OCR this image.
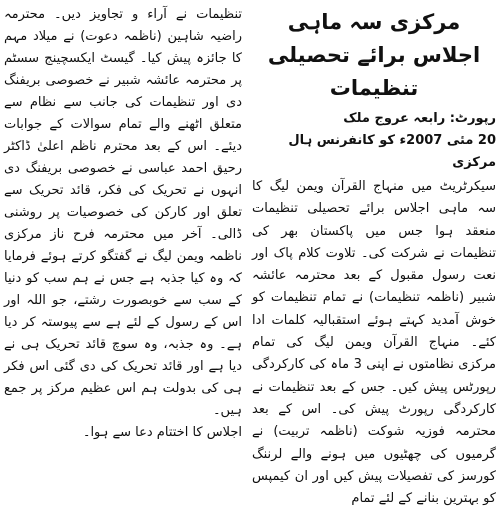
مرکزی سہ ماہی اجلاس برائے تحصیلی تنظیمات

رپورٹ: رابعہ عروج ملک

20 مئی 2007ء کو کانفرنس ہال مرکزی

سیکرٹریٹ میں منہاج القرآن ویمن لیگ کا سہ ماہی اجلاس برائے تحصیلی تنظیمات منعقد ہوا جس میں پاکستان بھر کی تنظیمات نے شرکت کی۔ تلاوت کلام پاک اور نعت رسول مقبول کے بعد محترمہ عائشہ شبیر (ناظمہ تنظیمات) نے تمام تنظیمات کو خوش آمدید کہتے ہوئے استقبالیہ کلمات ادا کئے۔ منہاج القرآن ویمن لیگ کی تمام مرکزی نظامتوں نے اپنی 3 ماہ کی کارکردگی رپورٹس پیش کیں۔ جس کے بعد تنظیمات نے کارکردگی رپورٹ پیش کی۔ اس کے بعد محترمہ فوزیہ شوکت (ناظمہ تربیت) نے گرمیوں کی چھٹیوں میں ہونے والے لرننگ کورسز کی تفصیلات پیش کیں اور ان کیمپس کو بہترین بنانے کے لئے تمام

تنظیمات نے آراء و تجاویز دیں۔ محترمہ راضیہ شاہین (ناظمہ دعوت) نے میلاد مہم کا جائزہ پیش کیا۔ گیسٹ ایکسچینج سسٹم پر محترمہ عائشہ شبیر نے خصوصی بریفنگ دی اور تنظیمات کی جانب سے نظام سے متعلق اٹھنے والے تمام سوالات کے جوابات دیئے۔ اس کے بعد محترم ناظم اعلیٰ ڈاکٹر رحیق احمد عباسی نے خصوصی بریفنگ دی انہوں نے تحریک کی فکر، قائد تحریک سے تعلق اور کارکن کی خصوصیات پر روشنی ڈالی۔ آخر میں محترمہ فرح ناز مرکزی ناظمہ ویمن لیگ نے گفتگو کرتے ہوئے فرمایا کہ وہ کیا جذبہ ہے جس نے ہم سب کو دنیا کے سب سے خوبصورت رشتے، جو اللہ اور اس کے رسول کے لئے ہے سے پیوستہ کر دیا ہے۔ وہ جذبہ، وہ سوچ قائد تحریک ہی نے دیا ہے اور قائد تحریک کی دی گئی اس فکر ہی کی بدولت ہم اس عظیم مرکز پر جمع ہیں۔

اجلاس کا اختتام دعا سے ہوا۔
